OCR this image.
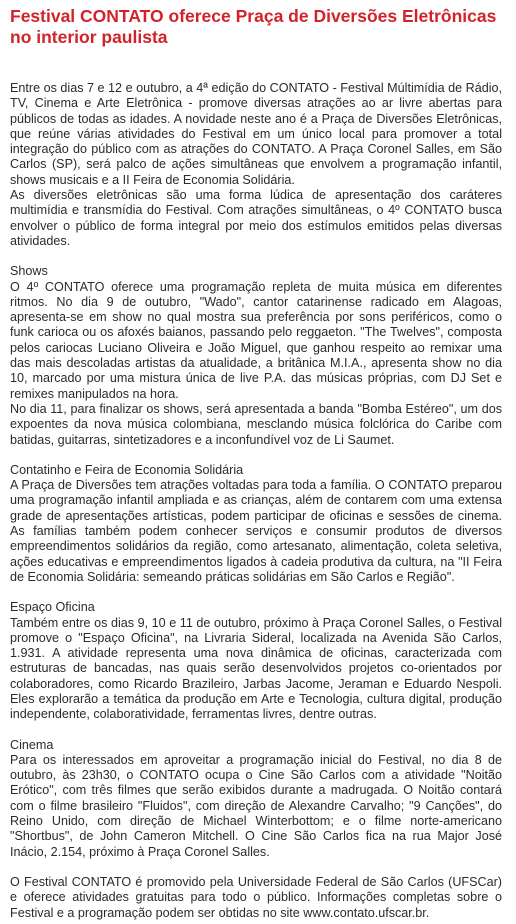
Festival CONTATO oferece Praça de Diversões Eletrônicas no interior paulista

Entre os dias 7 e 12 e outubro, a 4ª edição do CONTATO - Festival Múltimídia de Rádio, TV, Cinema e Arte Eletrônica - promove diversas atrações ao ar livre abertas para públicos de todas as idades. A novidade neste ano é a Praça de Diversões Eletrônicas, que reúne várias atividades do Festival em um único local para promover a total integração do público com as atrações do CONTATO. A Praça Coronel Salles, em São Carlos (SP), será palco de ações simultâneas que envolvem a programação infantil, shows musicais e a II Feira de Economia Solidária.

As diversões eletrônicas são uma forma lúdica de apresentação dos caráteres multimídia e transmídia do Festival. Com atrações simultâneas, o 4º CONTATO busca envolver o público de forma integral por meio dos estímulos emitidos pelas diversas atividades.

Shows

O 4º CONTATO oferece uma programação repleta de muita música em diferentes ritmos. No dia 9 de outubro, "Wado", cantor catarinense radicado em Alagoas, apresenta-se em show no qual mostra sua preferência por sons periféricos, como o funk carioca ou os afoxés baianos, passando pelo reggaeton. "The Twelves", composta pelos cariocas Luciano Oliveira e João Miguel, que ganhou respeito ao remixar uma das mais descoladas artistas da atualidade, a britânica M.I.A., apresenta show no dia 10, marcado por uma mistura única de live P.A. das músicas próprias, com DJ Set e remixes manipulados na hora.

No dia 11, para finalizar os shows, será apresentada a banda "Bomba Estéreo", um dos expoentes da nova música colombiana, mesclando música folclórica do Caribe com batidas, guitarras, sintetizadores e a inconfundível voz de Li Saumet.

Contatinho e Feira de Economia Solidária

A Praça de Diversões tem atrações voltadas para toda a família. O CONTATO preparou uma programação infantil ampliada e as crianças, além de contarem com uma extensa grade de apresentações artísticas, podem participar de oficinas e sessões de cinema. As famílias também podem conhecer serviços e consumir produtos de diversos empreendimentos solidários da região, como artesanato, alimentação, coleta seletiva, ações educativas e empreendimentos ligados à cadeia produtiva da cultura, na "II Feira de Economia Solidária: semeando práticas solidárias em São Carlos e Região".

Espaço Oficina

Também entre os dias 9, 10 e 11 de outubro, próximo à Praça Coronel Salles, o Festival promove o "Espaço Oficina", na Livraria Sideral, localizada na Avenida São Carlos, 1.931. A atividade representa uma nova dinâmica de oficinas, caracterizada com estruturas de bancadas, nas quais serão desenvolvidos projetos co-orientados por colaboradores, como Ricardo Brazileiro, Jarbas Jacome, Jeraman e Eduardo Nespoli. Eles explorarão a temática da produção em Arte e Tecnologia, cultura digital, produção independente, colaboratividade, ferramentas livres, dentre outras.

Cinema

Para os interessados em aproveitar a programação inicial do Festival, no dia 8 de outubro, às 23h30, o CONTATO ocupa o Cine São Carlos com a atividade "Noitão Erótico", com três filmes que serão exibidos durante a madrugada. O Noitão contará com o filme brasileiro "Fluidos", com direção de Alexandre Carvalho; "9 Canções", do Reino Unido, com direção de Michael Winterbottom; e o filme norte-americano "Shortbus", de John Cameron Mitchell. O Cine São Carlos fica na rua Major José Inácio, 2.154, próximo à Praça Coronel Salles.

O Festival CONTATO é promovido pela Universidade Federal de São Carlos (UFSCar) e oferece atividades gratuitas para todo o público. Informações completas sobre o Festival e a programação podem ser obtidas no site www.contato.ufscar.br.
